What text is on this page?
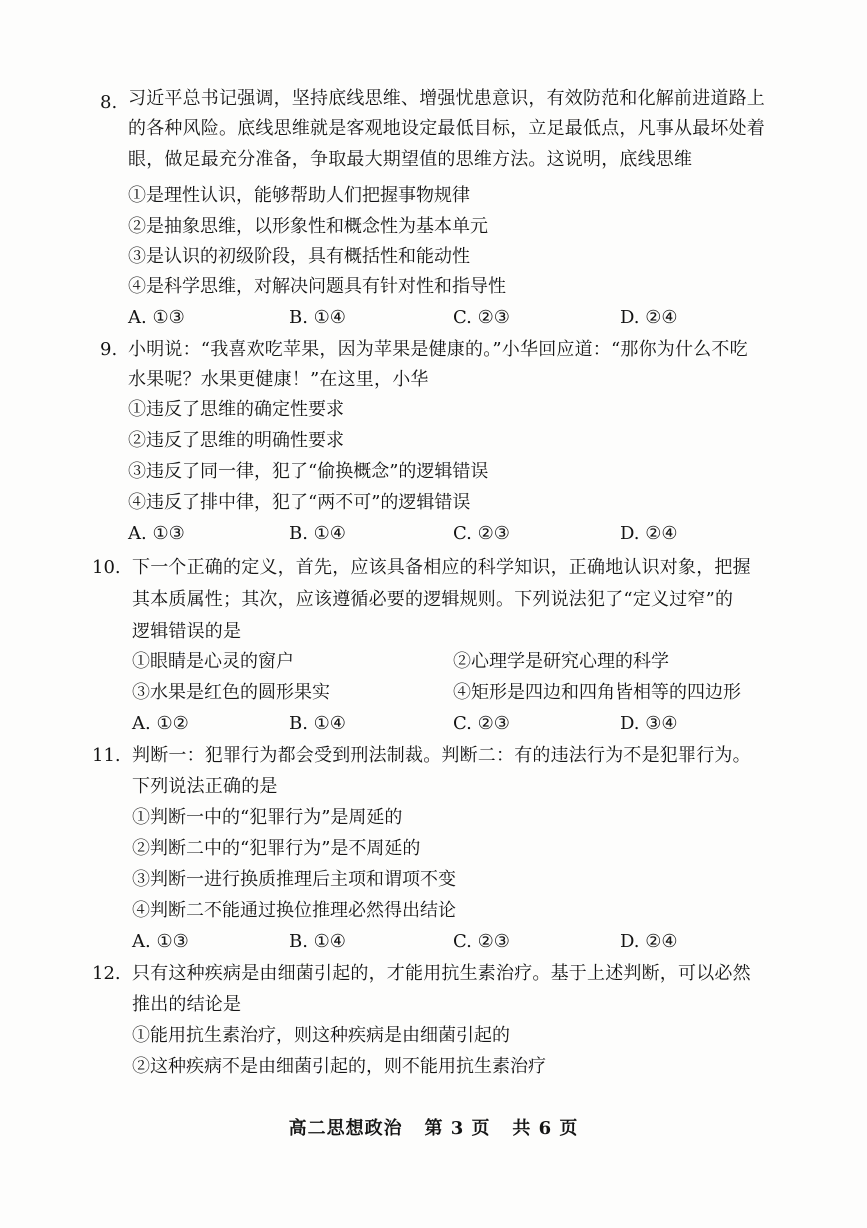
8. 习近平总书记强调，坚持底线思维、增强忧患意识，有效防范和化解前进道路上
的各种风险。底线思维就是客观地设定最低目标，立足最低点，凡事从最坏处着
眼，做足最充分准备，争取最大期望值的思维方法。这说明，底线思维
①是理性认识，能够帮助人们把握事物规律
②是抽象思维，以形象性和概念性为基本单元
③是认识的初级阶段，具有概括性和能动性
④是科学思维，对解决问题具有针对性和指导性
A. ①③	B. ①④	C. ②③	D. ②④
9. 小明说：“我喜欢吃苹果，因为苹果是健康的。”小华回应道：“那你为什么不吃
水果呢？水果更健康！”在这里，小华
①违反了思维的确定性要求
②违反了思维的明确性要求
③违反了同一律，犯了“偷换概念”的逻辑错误
④违反了排中律，犯了“两不可”的逻辑错误
A. ①③	B. ①④	C. ②③	D. ②④
10. 下一个正确的定义，首先，应该具备相应的科学知识，正确地认识对象，把握
其本质属性；其次，应该遵循必要的逻辑规则。下列说法犯了“定义过窄”的
逻辑错误的是
①眼睛是心灵的窗户	②心理学是研究心理的科学
③水果是红色的圆形果实	④矩形是四边和四角皆相等的四边形
A. ①②	B. ①④	C. ②③	D. ③④
11. 判断一：犯罪行为都会受到刑法制裁。判断二：有的违法行为不是犯罪行为。
下列说法正确的是
①判断一中的“犯罪行为”是周延的
②判断二中的“犯罪行为”是不周延的
③判断一进行换质推理后主项和谓项不变
④判断二不能通过换位推理必然得出结论
A. ①③	B. ①④	C. ②③	D. ②④
12. 只有这种疾病是由细菌引起的，才能用抗生素治疗。基于上述判断，可以必然
推出的结论是
①能用抗生素治疗，则这种疾病是由细菌引起的
②这种疾病不是由细菌引起的，则不能用抗生素治疗
高二思想政治 第 3 页 共 6 页
